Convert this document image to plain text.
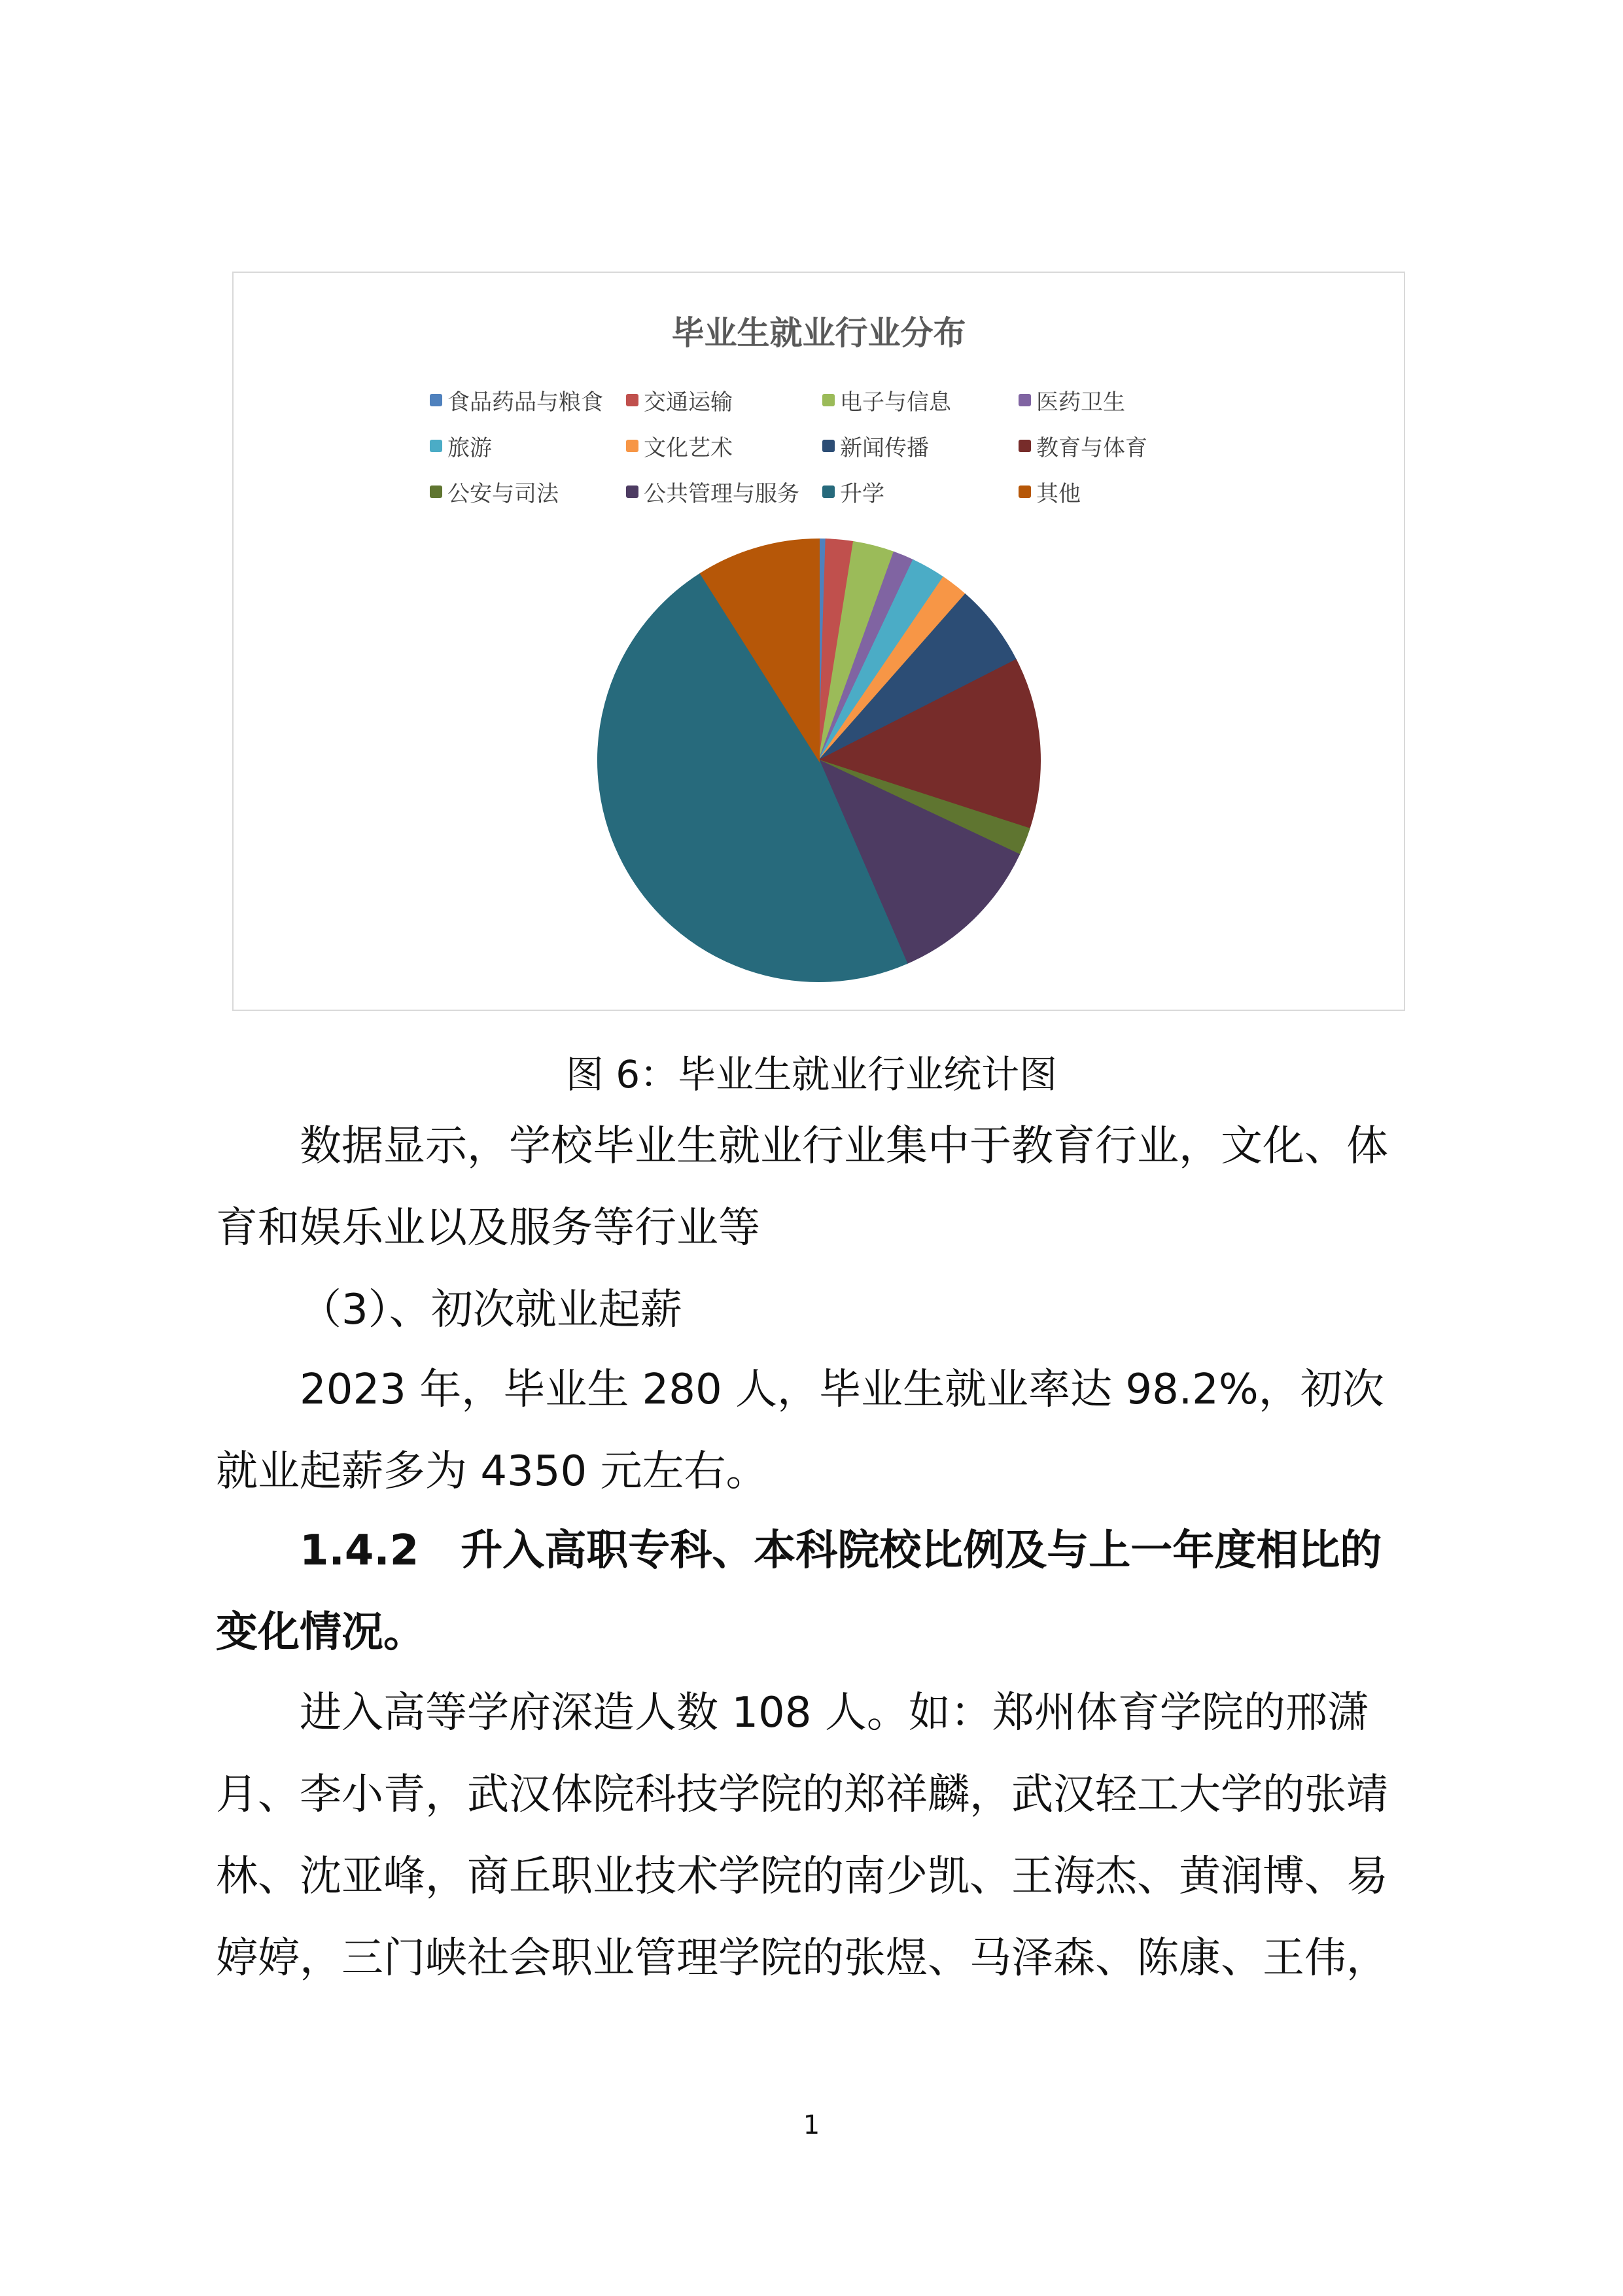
毕业生就业行业分布
食品药品与粮食 交通运输	电子与信息	医药卫生
旅游	文化艺术	新闻传播	教育与体育
公安与司法	公共管理与服务 升学	其他
图 6：毕业生就业行业统计图
数据显示，学校毕业生就业行业集中于教育行业，文化、体育和娱乐业以及服务等行业等
（3）、初次就业起薪
2023 年，毕业生 280 人，毕业生就业率达 98.2%，初次就业起薪多为 4350 元左右。
1.4.2　升入高职专科、本科院校比例及与上一年度相比的变化情况。
进入高等学府深造人数 108 人。如：郑州体育学院的邢潇月、李小青，武汉体院科技学院的郑祥麟，武汉轻工大学的张靖林、沈亚峰，商丘职业技术学院的南少凯、王海杰、黄润博、易婷婷，三门峡社会职业管理学院的张煜、马泽森、陈康、王伟，
1
